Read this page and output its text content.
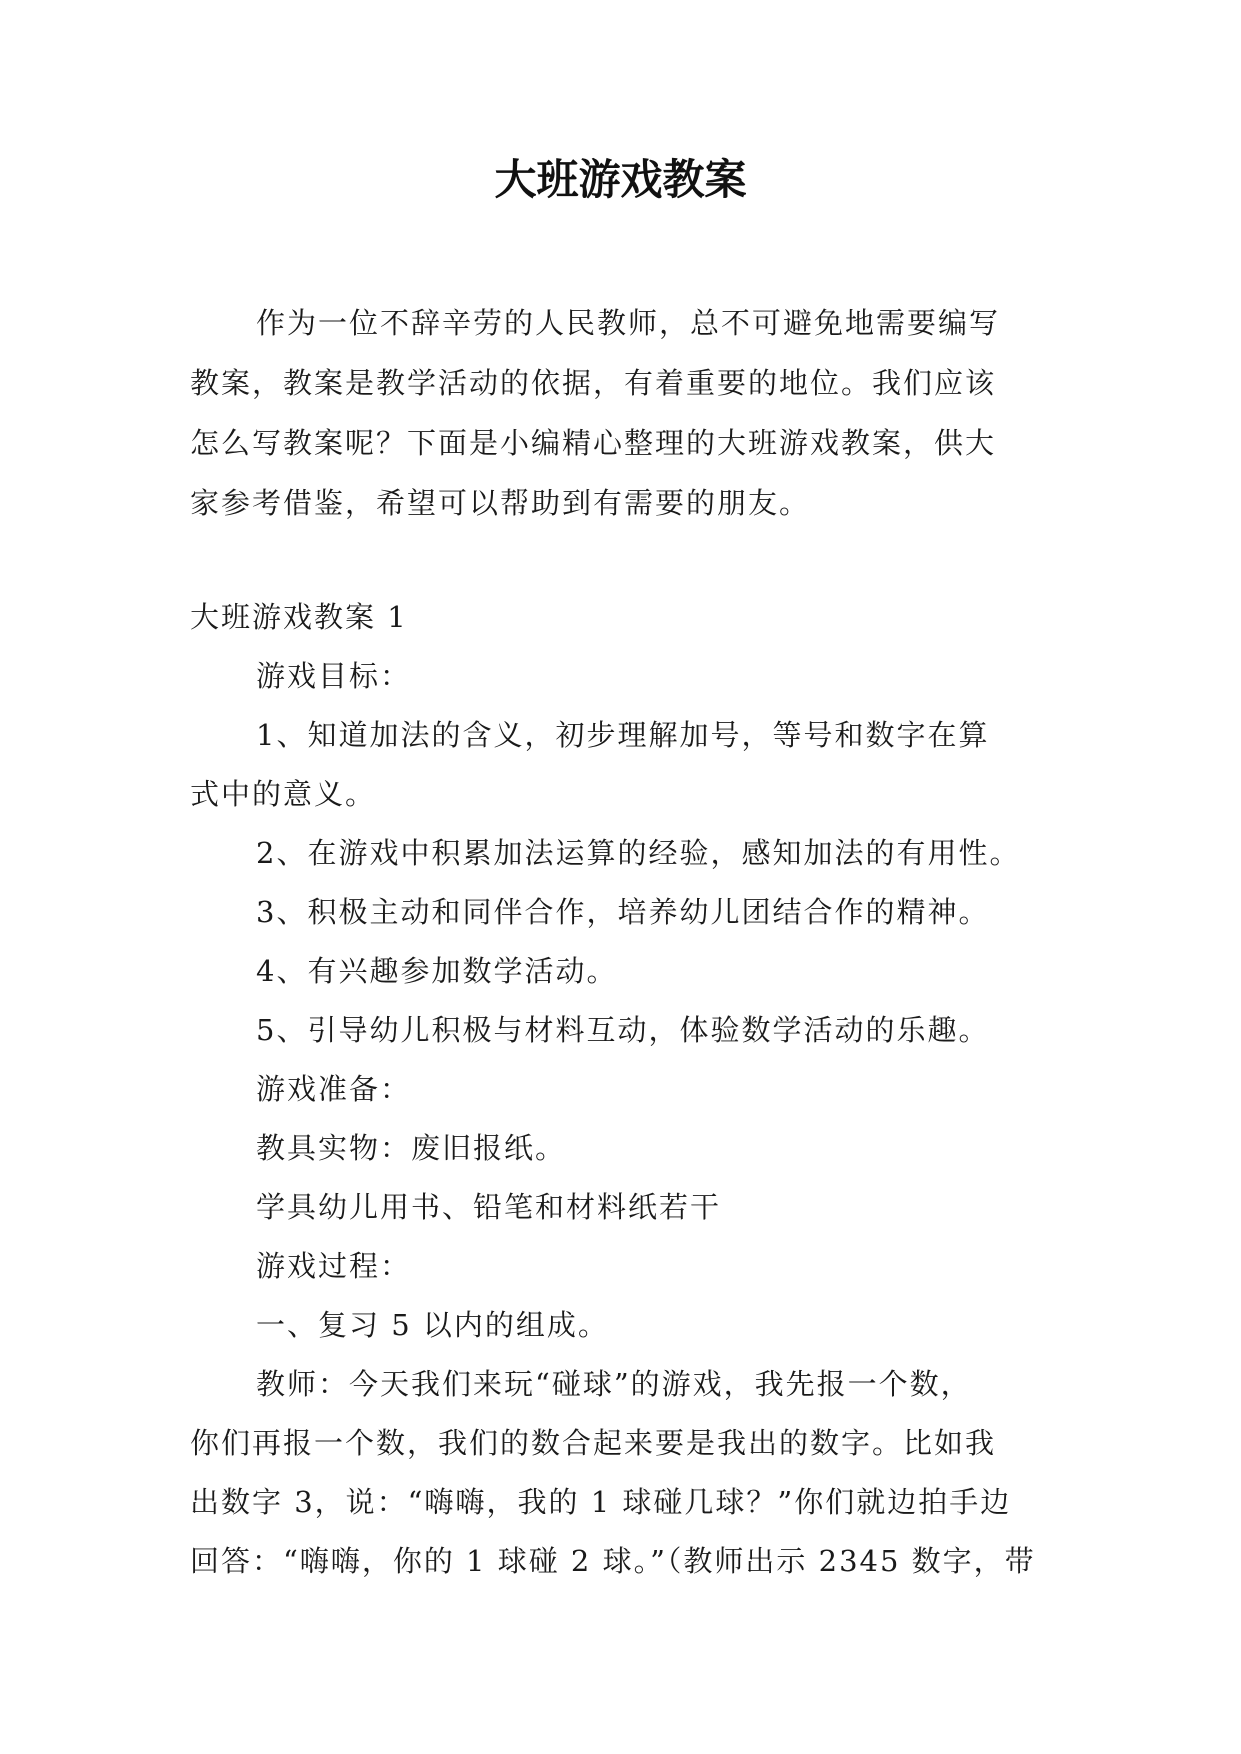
大班游戏教案

作为一位不辞辛劳的人民教师，总不可避免地需要编写

教案，教案是教学活动的依据，有着重要的地位。我们应该

怎么写教案呢？下面是小编精心整理的大班游戏教案，供大

家参考借鉴，希望可以帮助到有需要的朋友。

大班游戏教案 1

游戏目标：

1、知道加法的含义，初步理解加号，等号和数字在算

式中的意义。

2、在游戏中积累加法运算的经验，感知加法的有用性。

3、积极主动和同伴合作，培养幼儿团结合作的精神。

4、有兴趣参加数学活动。

5、引导幼儿积极与材料互动，体验数学活动的乐趣。

游戏准备：

教具实物：废旧报纸。

学具幼儿用书、铅笔和材料纸若干

游戏过程：

一、复习 5 以内的组成。

教师：今天我们来玩“碰球”的游戏，我先报一个数，

你们再报一个数，我们的数合起来要是我出的数字。比如我

出数字 3，说：“嗨嗨，我的 1 球碰几球？”你们就边拍手边

回答：“嗨嗨，你的 1 球碰 2 球。”（教师出示 2345 数字，带
